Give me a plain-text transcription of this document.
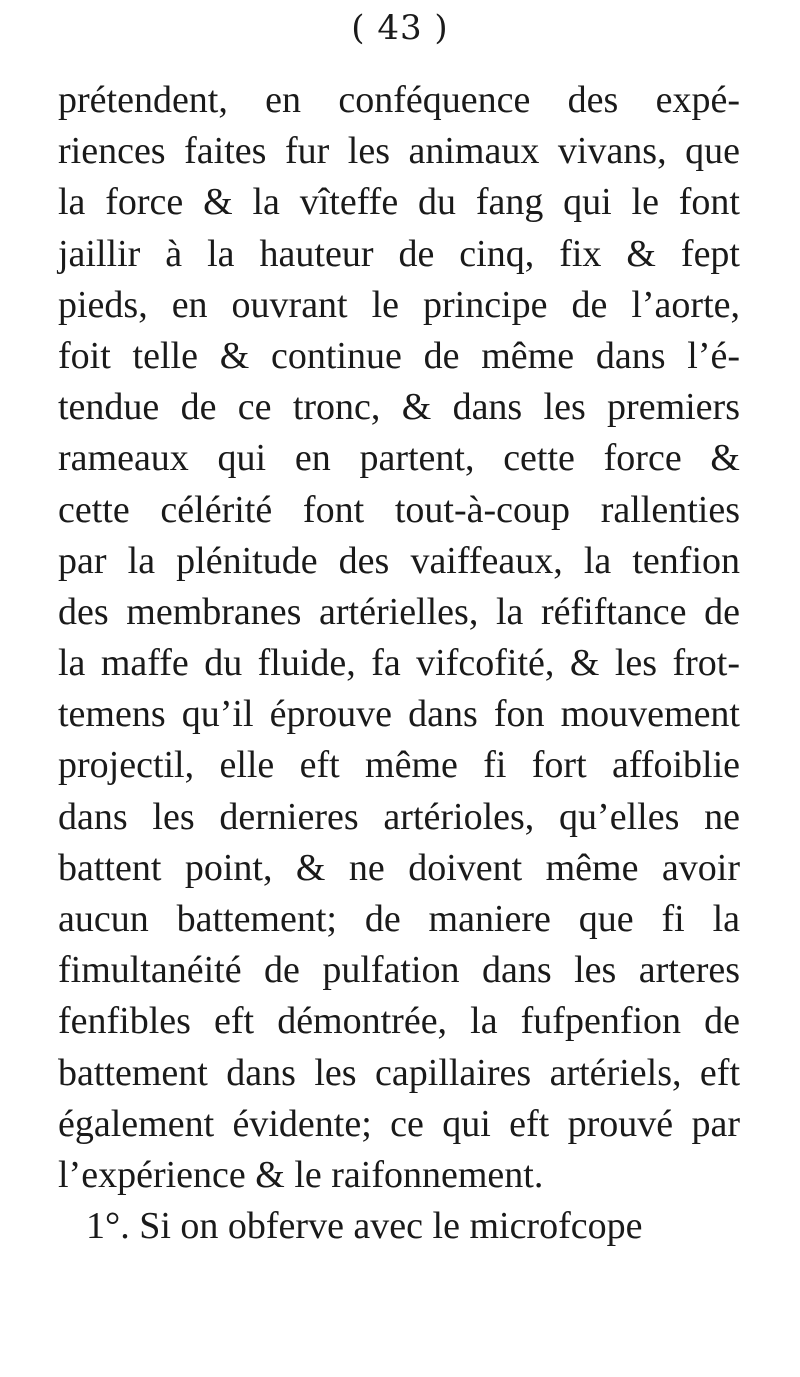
( 43 )
prétendent, en conféquence des expé-
riences faites fur les animaux vivans, que
la force & la vîteffe du fang qui le font
jaillir à la hauteur de cinq, fix & fept
pieds, en ouvrant le principe de l’aorte,
foit telle & continue de même dans l’é-
tendue de ce tronc, & dans les premiers
rameaux qui en partent, cette force &
cette célérité font tout-à-coup rallenties
par la plénitude des vaiffeaux, la tenfion
des membranes artérielles, la réfiftance de
la maffe du fluide, fa vifcofité, & les frot-
temens qu’il éprouve dans fon mouvement
projectil, elle eft même fi fort affoiblie
dans les dernieres artérioles, qu’elles ne
battent point, & ne doivent même avoir
aucun battement; de maniere que fi la
fimultanéité de pulfation dans les arteres
fenfibles eft démontrée, la fufpenfion de
battement dans les capillaires artériels, eft
également évidente; ce qui eft prouvé par
l’expérience & le raifonnement.
1°. Si on obferve avec le microfcope
